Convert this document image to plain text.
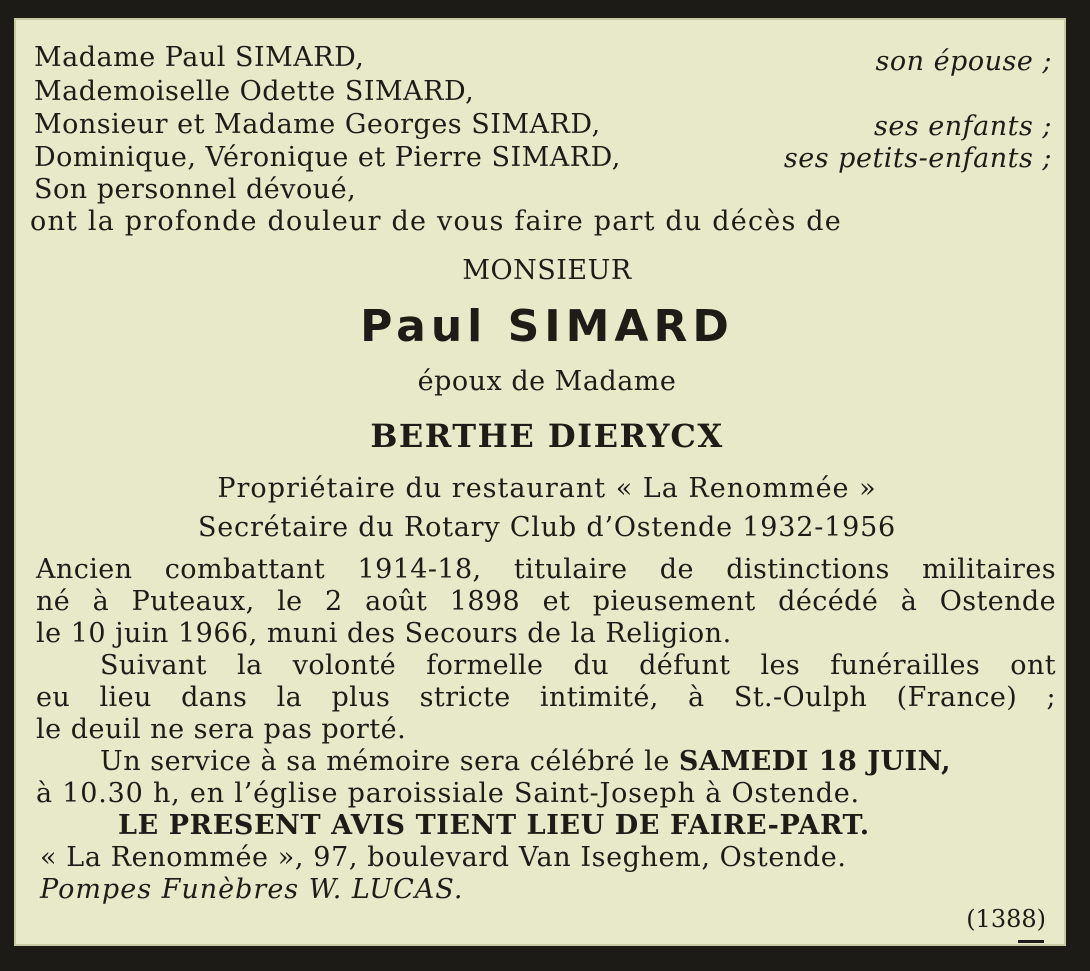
Madame Paul SIMARD,	son épouse ;
Mademoiselle Odette SIMARD,
Monsieur et Madame Georges SIMARD,	ses enfants ;
Dominique, Véronique et Pierre SIMARD,	ses petits-enfants ;
Son personnel dévoué,
ont la profonde douleur de vous faire part du décès de
MONSIEUR
Paul SIMARD
époux de Madame
BERTHE DIERYCX
Propriétaire du restaurant « La Renommée »
Secrétaire du Rotary Club d’Ostende 1932-1956
Ancien combattant 1914-18, titulaire de distinctions militaires
né à Puteaux, le 2 août 1898 et pieusement décédé à Ostende
le 10 juin 1966, muni des Secours de la Religion.
Suivant la volonté formelle du défunt les funérailles ont
eu lieu dans la plus stricte intimité, à St.-Oulph (France) ;
le deuil ne sera pas porté.
Un service à sa mémoire sera célébré le SAMEDI 18 JUIN,
à 10.30 h, en l’église paroissiale Saint-Joseph à Ostende.
LE PRESENT AVIS TIENT LIEU DE FAIRE-PART.
« La Renommée », 97, boulevard Van Iseghem, Ostende.
Pompes Funèbres W. LUCAS.
(1388)
